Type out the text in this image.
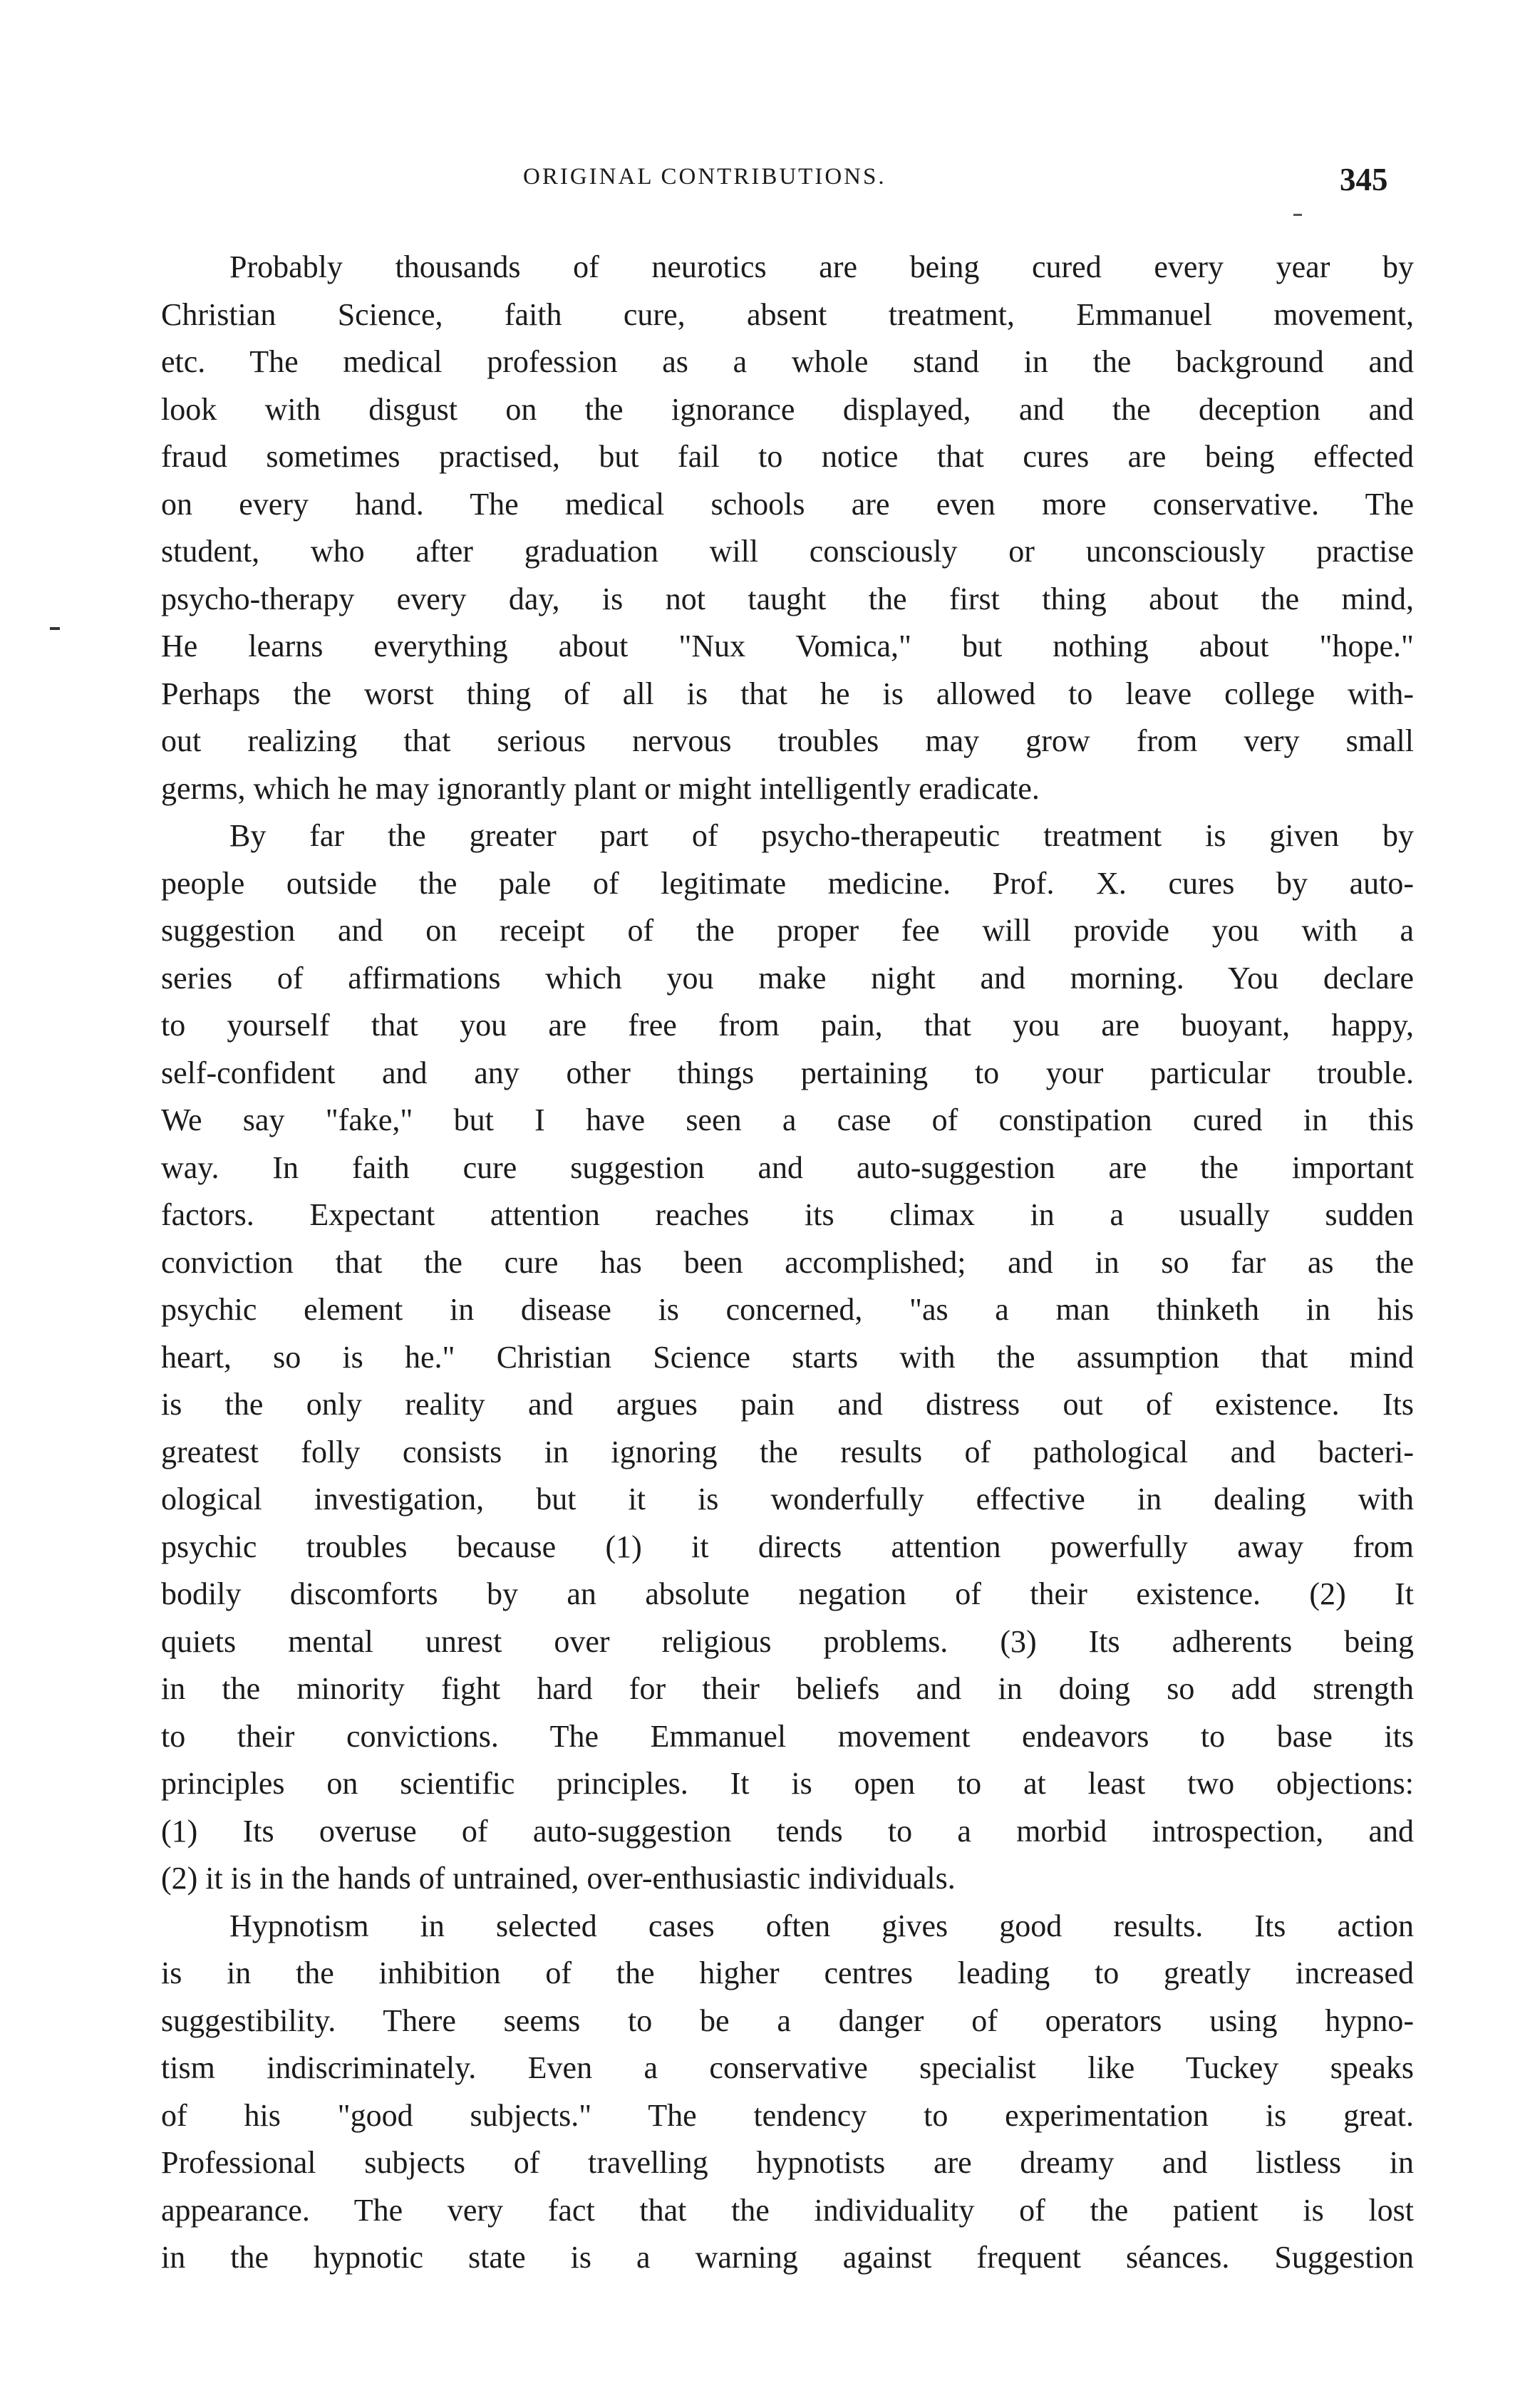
ORIGINAL CONTRIBUTIONS.	345
Probably thousands of neurotics are being cured every year by
Christian Science, faith cure, absent treatment, Emmanuel movement,
etc. The medical profession as a whole stand in the background and
look with disgust on the ignorance displayed, and the deception and
fraud sometimes practised, but fail to notice that cures are being effected
on every hand. The medical schools are even more conservative. The
student, who after graduation will consciously or unconsciously practise
psycho-therapy every day, is not taught the first thing about the mind,
He learns everything about "Nux Vomica," but nothing about "hope."
Perhaps the worst thing of all is that he is allowed to leave college with-
out realizing that serious nervous troubles may grow from very small
germs, which he may ignorantly plant or might intelligently eradicate.
By far the greater part of psycho-therapeutic treatment is given by
people outside the pale of legitimate medicine. Prof. X. cures by auto-
suggestion and on receipt of the proper fee will provide you with a
series of affirmations which you make night and morning. You declare
to yourself that you are free from pain, that you are buoyant, happy,
self-confident and any other things pertaining to your particular trouble.
We say "fake," but I have seen a case of constipation cured in this
way. In faith cure suggestion and auto-suggestion are the important
factors. Expectant attention reaches its climax in a usually sudden
conviction that the cure has been accomplished; and in so far as the
psychic element in disease is concerned, "as a man thinketh in his
heart, so is he." Christian Science starts with the assumption that mind
is the only reality and argues pain and distress out of existence. Its
greatest folly consists in ignoring the results of pathological and bacteri-
ological investigation, but it is wonderfully effective in dealing with
psychic troubles because (1) it directs attention powerfully away from
bodily discomforts by an absolute negation of their existence. (2) It
quiets mental unrest over religious problems. (3) Its adherents being
in the minority fight hard for their beliefs and in doing so add strength
to their convictions. The Emmanuel movement endeavors to base its
principles on scientific principles. It is open to at least two objections:
(1) Its overuse of auto-suggestion tends to a morbid introspection, and
(2) it is in the hands of untrained, over-enthusiastic individuals.
Hypnotism in selected cases often gives good results. Its action
is in the inhibition of the higher centres leading to greatly increased
suggestibility. There seems to be a danger of operators using hypno-
tism indiscriminately. Even a conservative specialist like Tuckey speaks
of his "good subjects." The tendency to experimentation is great.
Professional subjects of travelling hypnotists are dreamy and listless in
appearance. The very fact that the individuality of the patient is lost
in the hypnotic state is a warning against frequent séances. Suggestion
